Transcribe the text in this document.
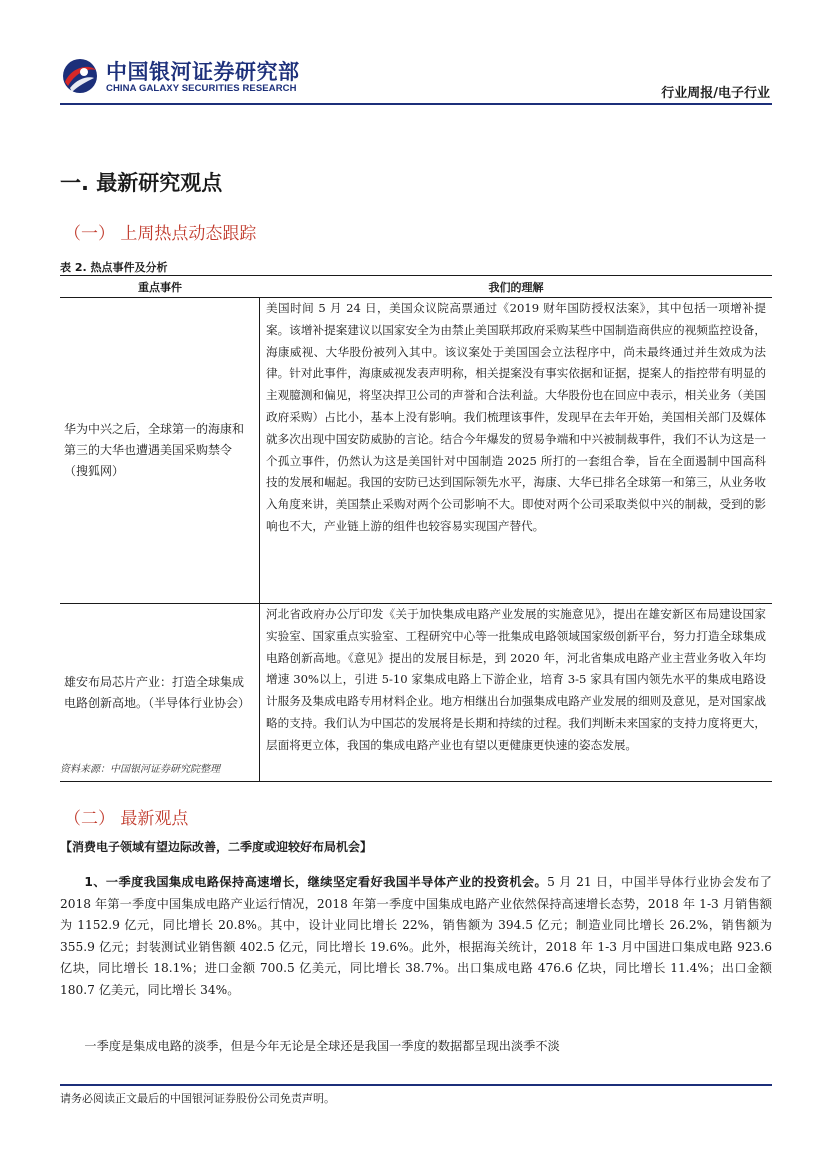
中国银河证券研究部
CHINA GALAXY SECURITIES RESEARCH	行业周报/电子行业
一. 最新研究观点
（一） 上周热点动态跟踪
表 2. 热点事件及分析
重点事件	我们的理解
华为中兴之后，全球第一的海康和第三的大华也遭遇美国采购禁令（搜狐网）
美国时间 5 月 24 日，美国众议院高票通过《2019 财年国防授权法案》，其中包括一项增补提案。该增补提案建议以国家安全为由禁止美国联邦政府采购某些中国制造商供应的视频监控设备，海康威视、大华股份被列入其中。该议案处于美国国会立法程序中，尚未最终通过并生效成为法律。针对此事件，海康威视发表声明称，相关提案没有事实依据和证据，提案人的指控带有明显的主观臆测和偏见，将坚决捍卫公司的声誉和合法利益。大华股份也在回应中表示，相关业务（美国政府采购）占比小，基本上没有影响。我们梳理该事件，发现早在去年开始，美国相关部门及媒体就多次出现中国安防威胁的言论。结合今年爆发的贸易争端和中兴被制裁事件，我们不认为这是一个孤立事件，仍然认为这是美国针对中国制造 2025 所打的一套组合拳，旨在全面遏制中国高科技的发展和崛起。我国的安防已达到国际领先水平，海康、大华已排名全球第一和第三，从业务收入角度来讲，美国禁止采购对两个公司影响不大。即使对两个公司采取类似中兴的制裁，受到的影响也不大，产业链上游的组件也较容易实现国产替代。
雄安布局芯片产业：打造全球集成电路创新高地。（半导体行业协会）
河北省政府办公厅印发《关于加快集成电路产业发展的实施意见》，提出在雄安新区布局建设国家实验室、国家重点实验室、工程研究中心等一批集成电路领域国家级创新平台，努力打造全球集成电路创新高地。《意见》提出的发展目标是，到 2020 年，河北省集成电路产业主营业务收入年均增速 30%以上，引进 5-10 家集成电路上下游企业，培育 3-5 家具有国内领先水平的集成电路设计服务及集成电路专用材料企业。地方相继出台加强集成电路产业发展的细则及意见，是对国家战略的支持。我们认为中国芯的发展将是长期和持续的过程。我们判断未来国家的支持力度将更大，层面将更立体，我国的集成电路产业也有望以更健康更快速的姿态发展。
资料来源：中国银河证券研究院整理
（二） 最新观点
【消费电子领域有望边际改善，二季度或迎较好布局机会】
1、一季度我国集成电路保持高速增长，继续坚定看好我国半导体产业的投资机会。5 月 21 日，中国半导体行业协会发布了 2018 年第一季度中国集成电路产业运行情况，2018 年第一季度中国集成电路产业依然保持高速增长态势，2018 年 1-3 月销售额为 1152.9 亿元，同比增长 20.8%。其中，设计业同比增长 22%，销售额为 394.5 亿元；制造业同比增长 26.2%，销售额为 355.9 亿元；封装测试业销售额 402.5 亿元，同比增长 19.6%。此外，根据海关统计，2018 年 1-3 月中国进口集成电路 923.6 亿块，同比增长 18.1%；进口金额 700.5 亿美元，同比增长 38.7%。出口集成电路 476.6 亿块，同比增长 11.4%；出口金额 180.7 亿美元，同比增长 34%。
一季度是集成电路的淡季，但是今年无论是全球还是我国一季度的数据都呈现出淡季不淡
请务必阅读正文最后的中国银河证券股份公司免责声明。
